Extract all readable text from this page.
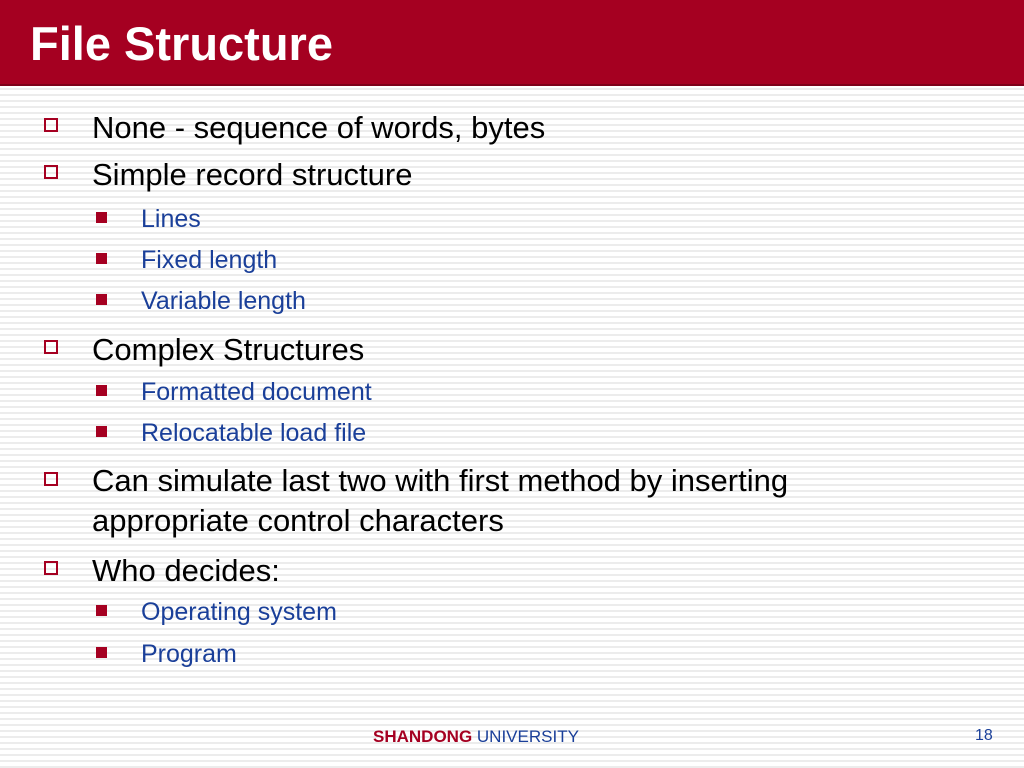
File Structure
None - sequence of words, bytes
Simple record structure
Lines
Fixed length
Variable length
Complex Structures
Formatted document
Relocatable load file
Can simulate last two with first method by inserting
appropriate control characters
Who decides:
Operating system
Program
SHANDONG UNIVERSITY	18
